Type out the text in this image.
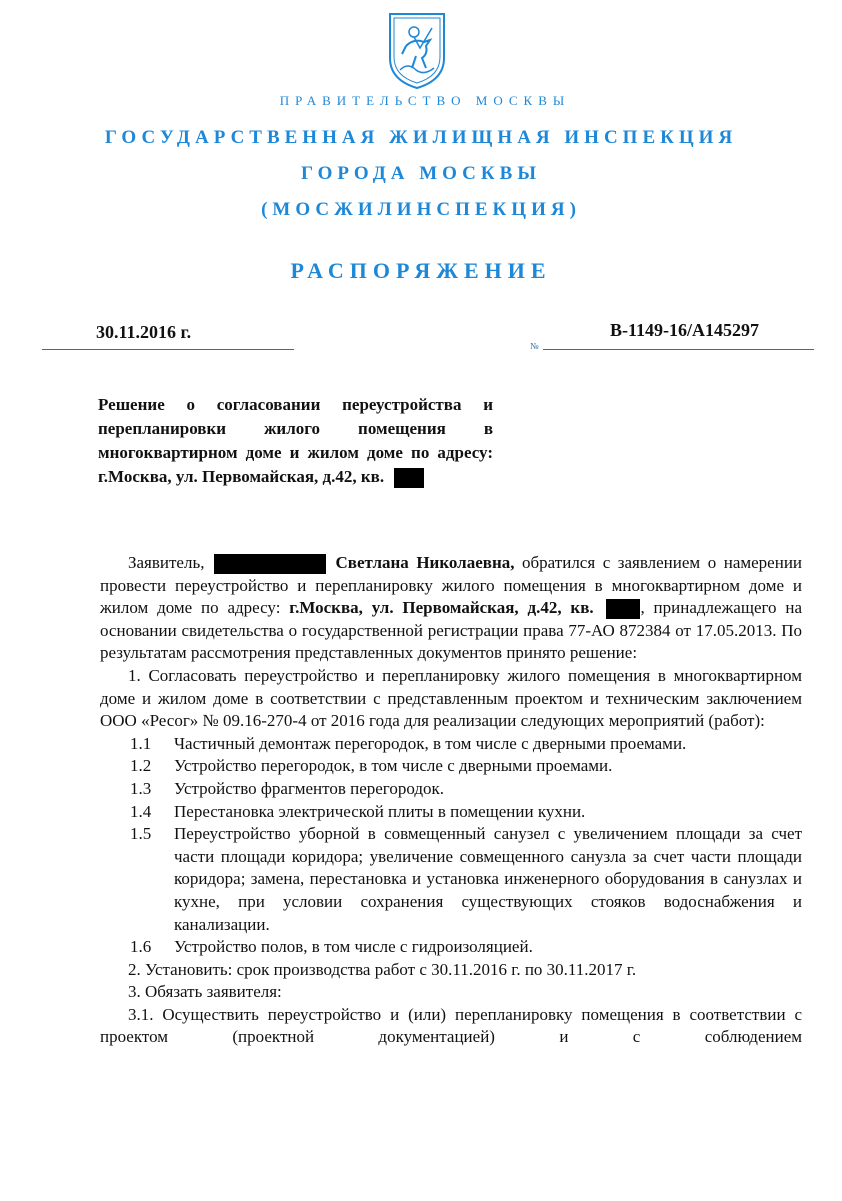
ПРАВИТЕЛЬСТВО МОСКВЫ
ГОСУДАРСТВЕННАЯ ЖИЛИЩНАЯ ИНСПЕКЦИЯ
ГОРОДА МОСКВЫ
(МОСЖИЛИНСПЕКЦИЯ)
РАСПОРЯЖЕНИЕ
30.11.2016 г.
№
В-1149-16/А145297
Решение о согласовании переустройства и перепланировки жилого помещения в многоквартирном доме и жилом доме по адресу: г.Москва, ул. Первомайская, д.42, кв.

Заявитель,	Светлана Николаевна, обратился с заявлением о намерении провести переустройство и перепланировку жилого помещения в многоквартирном доме и жилом доме по адресу: г.Москва, ул. Первомайская, д.42, кв.	, принадлежащего на основании свидетельства о государственной регистрации права 77-АО 872384 от 17.05.2013. По результатам рассмотрения представленных документов принято решение:

1. Согласовать переустройство и перепланировку жилого помещения в многоквартирном доме и жилом доме в соответствии с представленным проектом и техническим заключением ООО «Ресог» № 09.16-270-4 от 2016 года для реализации следующих мероприятий (работ):

1.1 Частичный демонтаж перегородок, в том числе с дверными проемами.

1.2 Устройство перегородок, в том числе с дверными проемами.

1.3 Устройство фрагментов перегородок.

1.4 Перестановка электрической плиты в помещении кухни.

1.5 Переустройство уборной в совмещенный санузел с увеличением площади за счет части площади коридора; увеличение совмещенного санузла за счет части площади коридора; замена, перестановка и установка инженерного оборудования в санузлах и кухне, при условии сохранения существующих стояков водоснабжения и канализации.

1.6 Устройство полов, в том числе с гидроизоляцией.

2. Установить: срок производства работ с 30.11.2016 г. по 30.11.2017 г.

3. Обязать заявителя:

3.1. Осуществить переустройство и (или) перепланировку помещения в соответствии с проектом (проектной документацией) и с соблюдением
